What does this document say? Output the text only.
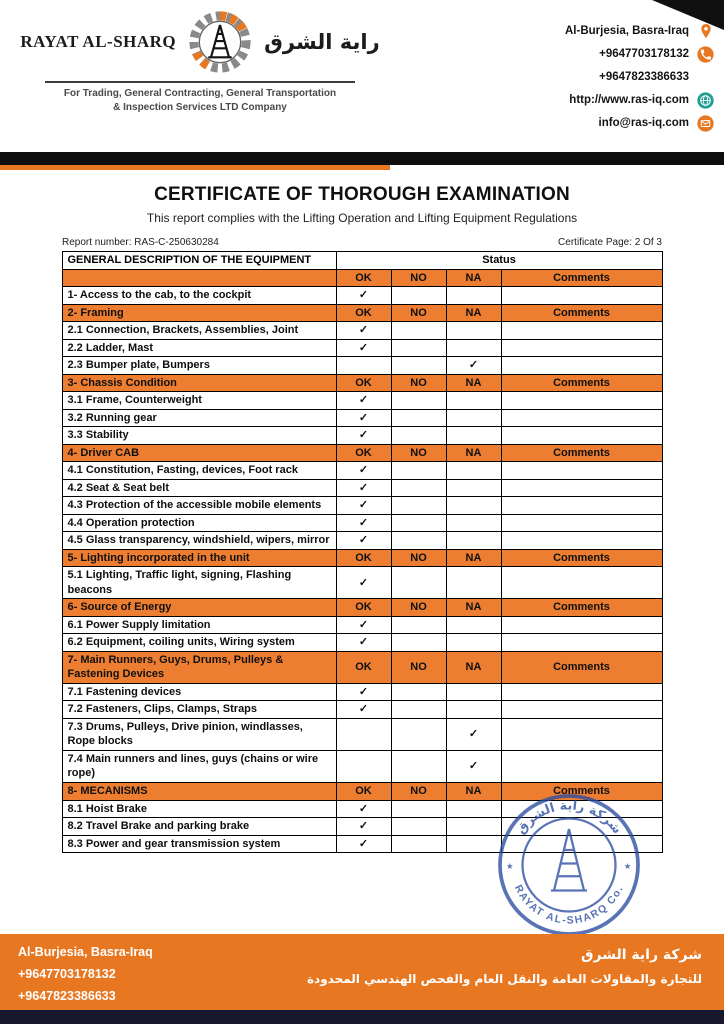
RAYAT AL-SHARQ	راية الشرق
For Trading, General Contracting, General Transportation
& Inspection Services LTD Company
Al-Burjesia, Basra-Iraq
+9647703178132
+9647823386633
http://www.ras-iq.com
info@ras-iq.com
CERTIFICATE OF THOROUGH EXAMINATION
This report complies with the Lifting Operation and Lifting Equipment Regulations
Report number: RAS-C-250630284	Certificate Page: 2 Of 3
GENERAL DESCRIPTION OF THE EQUIPMENT	Status			
	OK	NO	NA	Comments
1- Access to the cab, to the cockpit	✓			
2- Framing	OK	NO	NA	Comments
2.1 Connection, Brackets, Assemblies, Joint	✓			
2.2 Ladder, Mast	✓			
2.3 Bumper plate, Bumpers			✓	
3- Chassis Condition	OK	NO	NA	Comments
3.1 Frame, Counterweight	✓			
3.2 Running gear	✓			
3.3 Stability	✓			
4- Driver CAB	OK	NO	NA	Comments
4.1 Constitution, Fasting, devices, Foot rack	✓			
4.2 Seat & Seat belt	✓			
4.3 Protection of the accessible mobile elements	✓			
4.4 Operation protection	✓			
4.5 Glass transparency, windshield, wipers, mirror	✓			
5- Lighting incorporated in the unit	OK	NO	NA	Comments
5.1 Lighting, Traffic light, signing, Flashing beacons	✓			
6- Source of Energy	OK	NO	NA	Comments
6.1 Power Supply limitation	✓			
6.2 Equipment, coiling units, Wiring system	✓			
7- Main Runners, Guys, Drums, Pulleys & Fastening Devices	OK	NO	NA	Comments
7.1 Fastening devices	✓			
7.2 Fasteners, Clips, Clamps, Straps	✓			
7.3 Drums, Pulleys, Drive pinion, windlasses, Rope blocks			✓	
7.4 Main runners and lines, guys (chains or wire rope)			✓	
8- MECANISMS	OK	NO	NA	Comments
8.1 Hoist Brake	✓			
8.2 Travel Brake and parking brake	✓			
8.3 Power and gear transmission system	✓			
شركة راية الشرق
RAYAT AL-SHARQ Co.
★	★
Al-Burjesia, Basra-Iraq
+9647703178132
+9647823386633
شركة راية الشرق
للتجارة والمقاولات العامة والنقل العام والفحص الهندسي المحدودة
